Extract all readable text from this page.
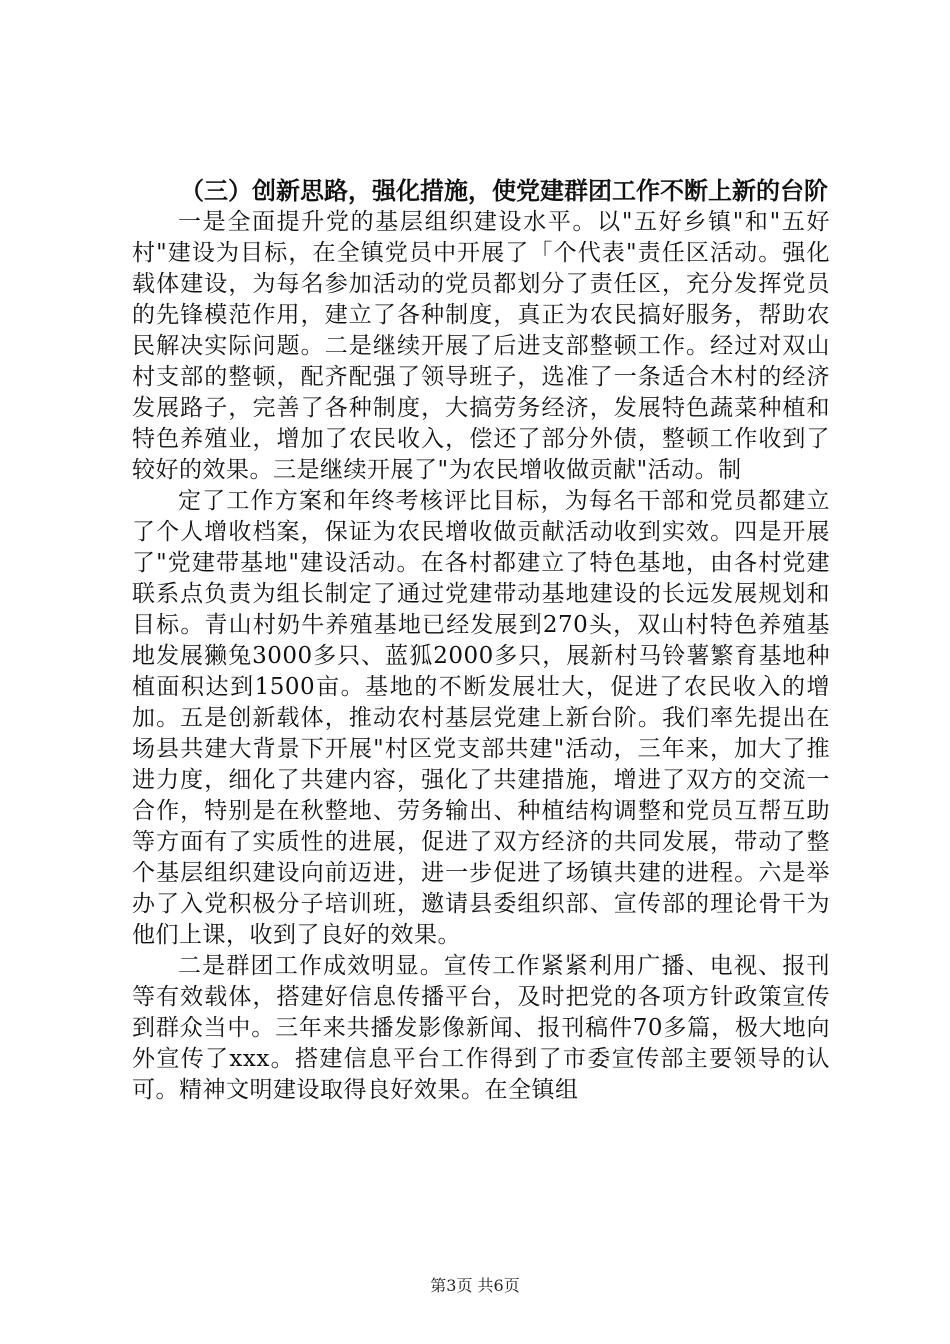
（三）创新思路，强化措施，使党建群团工作不断上新的台阶

一是全面提升党的基层组织建设水平。以"五好乡镇"和"五好村"建设为目标，在全镇党员中开展了「个代表"责任区活动。强化载体建设，为每名参加活动的党员都划分了责任区，充分发挥党员的先锋模范作用，建立了各种制度，真正为农民搞好服务，帮助农民解决实际问题。二是继续开展了后进支部整顿工作。经过对双山村支部的整顿，配齐配强了领导班子，选准了一条适合木村的经济发展路子，完善了各种制度，大搞劳务经济，发展特色蔬菜种植和特色养殖业，增加了农民收入，偿还了部分外债，整顿工作收到了较好的效果。三是继续开展了"为农民增收做贡献"活动。制

定了工作方案和年终考核评比目标，为每名干部和党员都建立了个人增收档案，保证为农民增收做贡献活动收到实效。四是开展了"党建带基地"建设活动。在各村都建立了特色基地，由各村党建联系点负责为组长制定了通过党建带动基地建设的长远发展规划和目标。青山村奶牛养殖基地已经发展到270头，双山村特色养殖基地发展獭兔3000多只、蓝狐2000多只，展新村马铃薯繁育基地种植面积达到1500亩。基地的不断发展壮大，促进了农民收入的增加。五是创新载体，推动农村基层党建上新台阶。我们率先提出在场县共建大背景下开展"村区党支部共建"活动，三年来，加大了推进力度，细化了共建内容，强化了共建措施，增进了双方的交流一合作，特别是在秋整地、劳务输出、种植结构调整和党员互帮互助等方面有了实质性的进展，促进了双方经济的共同发展，带动了整个基层组织建设向前迈进，进一步促进了场镇共建的进程。六是举办了入党积极分子培训班，邀请县委组织部、宣传部的理论骨干为他们上课，收到了良好的效果。

二是群团工作成效明显。宣传工作紧紧利用广播、电视、报刊等有效载体，搭建好信息传播平台，及时把党的各项方针政策宣传到群众当中。三年来共播发影像新闻、报刊稿件70多篇，极大地向外宣传了xxx。搭建信息平台工作得到了市委宣传部主要领导的认可。精神文明建设取得良好效果。在全镇组

第3页 共6页
